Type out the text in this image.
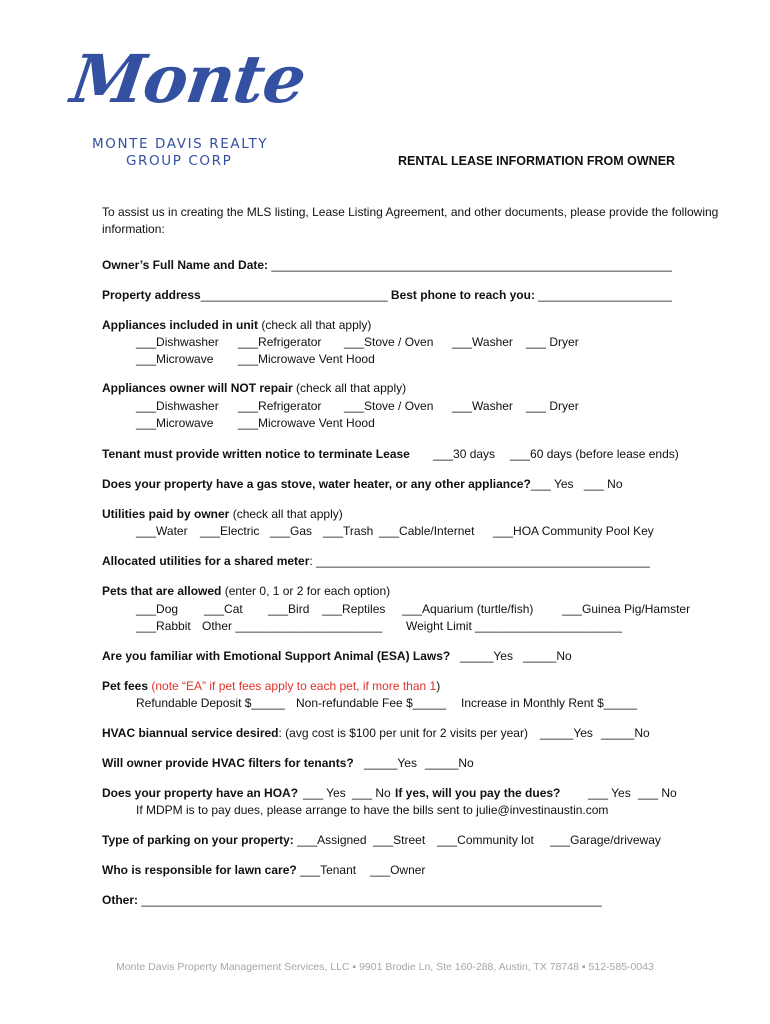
Monte
MONTE DAVIS REALTY
GROUP CORP	RENTAL LEASE INFORMATION FROM OWNER
To assist us in creating the MLS listing, Lease Listing Agreement, and other documents, please provide the following information:
Owner’s Full Name and Date: ____________________________________________________________
Property address____________________________ Best phone to reach you: ____________________
Appliances included in unit (check all that apply)
___Dishwasher ___Refrigerator ___Stove / Oven ___Washer ___ Dryer
___Microwave ___Microwave Vent Hood
Appliances owner will NOT repair (check all that apply)
___Dishwasher ___Refrigerator ___Stove / Oven ___Washer ___ Dryer
___Microwave ___Microwave Vent Hood
Tenant must provide written notice to terminate Lease ___30 days ___60 days (before lease ends)
Does your property have a gas stove, water heater, or any other appliance?___ Yes ___ No
Utilities paid by owner (check all that apply)
___Water ___Electric ___Gas ___Trash ___Cable/Internet ___HOA Community Pool Key
Allocated utilities for a shared meter: __________________________________________________
Pets that are allowed (enter 0, 1 or 2 for each option)
___Dog ___Cat ___Bird ___Reptiles ___Aquarium (turtle/fish) ___Guinea Pig/Hamster
___Rabbit Other ______________________ Weight Limit ______________________
Are you familiar with Emotional Support Animal (ESA) Laws? _____Yes _____No
Pet fees (note “EA” if pet fees apply to each pet, if more than 1)
Refundable Deposit $_____ Non-refundable Fee $_____ Increase in Monthly Rent $_____
HVAC biannual service desired: (avg cost is $100 per unit for 2 visits per year) _____Yes _____No
Will owner provide HVAC filters for tenants? _____Yes _____No
Does your property have an HOA? ___ Yes ___ No If yes, will you pay the dues? ___ Yes ___ No
If MDPM is to pay dues, please arrange to have the bills sent to julie@investinaustin.com
Type of parking on your property: ___Assigned ___Street ___Community lot ___Garage/driveway
Who is responsible for lawn care? ___Tenant ___Owner
Other: _____________________________________________________________________
Monte Davis Property Management Services, LLC ▪ 9901 Brodie Ln, Ste 160-288, Austin, TX 78748 ▪ 512-585-0043
